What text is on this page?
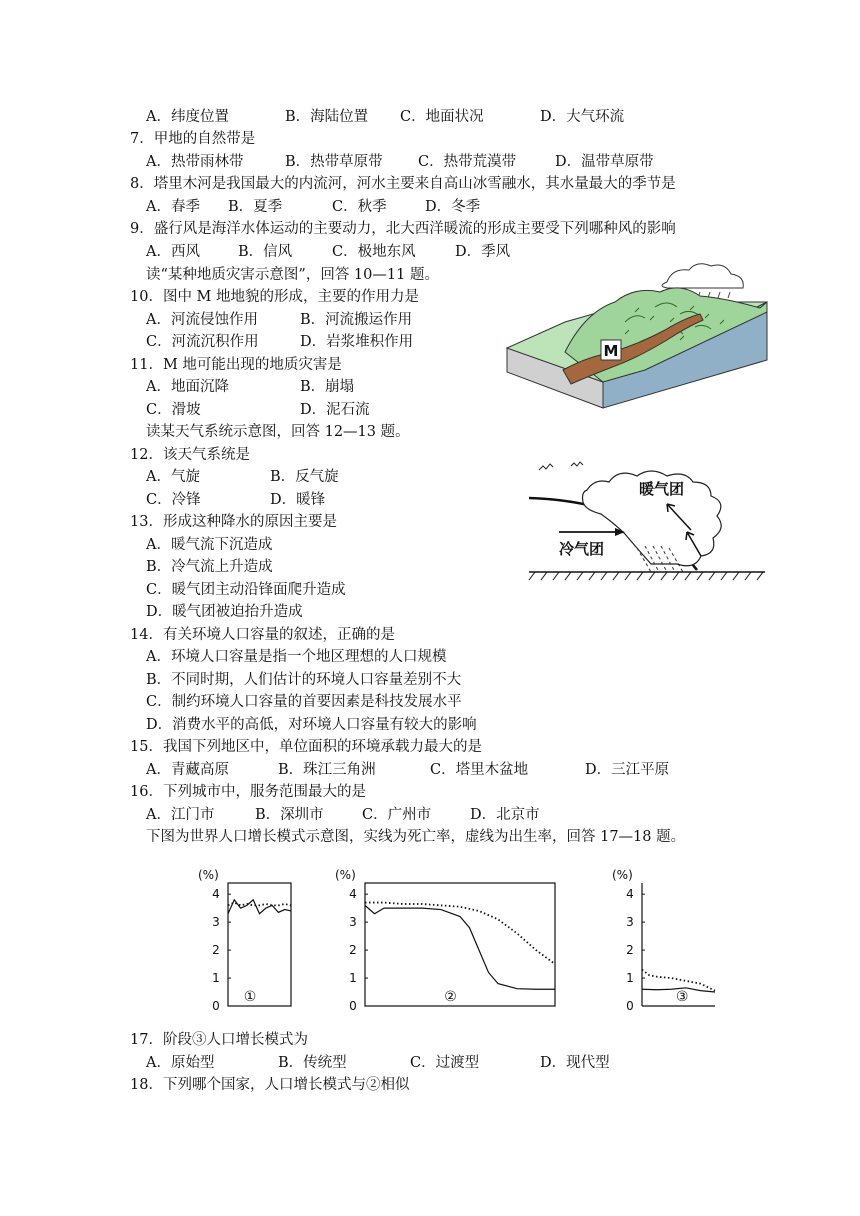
A．纬度位置	B．海陆位置 C．地面状况	D．大气环流
7．甲地的自然带是
A．热带雨林带	B．热带草原带 C．热带荒漠带	D．温带草原带
8．塔里木河是我国最大的内流河，河水主要来自高山冰雪融水，其水量最大的季节是
A．春季 B．夏季	C．秋季	D．冬季
9．盛行风是海洋水体运动的主要动力，北大西洋暖流的形成主要受下列哪种风的影响
A．西风	B．信风	C．极地东风	D．季风
读“某种地质灾害示意图”，回答 10—11 题。
10．图中 M 地地貌的形成，主要的作用力是
A．河流侵蚀作用	B．河流搬运作用
C．河流沉积作用	D．岩浆堆积作用
11．M 地可能出现的地质灾害是
A．地面沉降	B．崩塌
C．滑坡	D．泥石流
读某天气系统示意图，回答 12—13 题。
12．该天气系统是
A．气旋	B．反气旋
C．冷锋	D．暖锋
13．形成这种降水的原因主要是
A．暖气流下沉造成
B．冷气流上升造成
C．暖气团主动沿锋面爬升造成
D．暖气团被迫抬升造成
14．有关环境人口容量的叙述，正确的是
A．环境人口容量是指一个地区理想的人口规模
B．不同时期，人们估计的环境人口容量差别不大
C．制约环境人口容量的首要因素是科技发展水平
D．消费水平的高低，对环境人口容量有较大的影响
15．我国下列地区中，单位面积的环境承载力最大的是
A．青藏高原	B．珠江三角洲	C．塔里木盆地	D．三江平原
16．下列城市中，服务范围最大的是
A．江门市	B．深圳市	C．广州市	D．北京市
下图为世界人口增长模式示意图，实线为死亡率，虚线为出生率，回答 17—18 题。
17．阶段③人口增长模式为
A．原始型	B．传统型	C．过渡型	D．现代型
18．下列哪个国家，人口增长模式与②相似
M
暖气团
冷气团
(%)
0
1
2
3
4
①
(%)
0
1
2
3
4
②
(%)
0
1
2
3
4
③
